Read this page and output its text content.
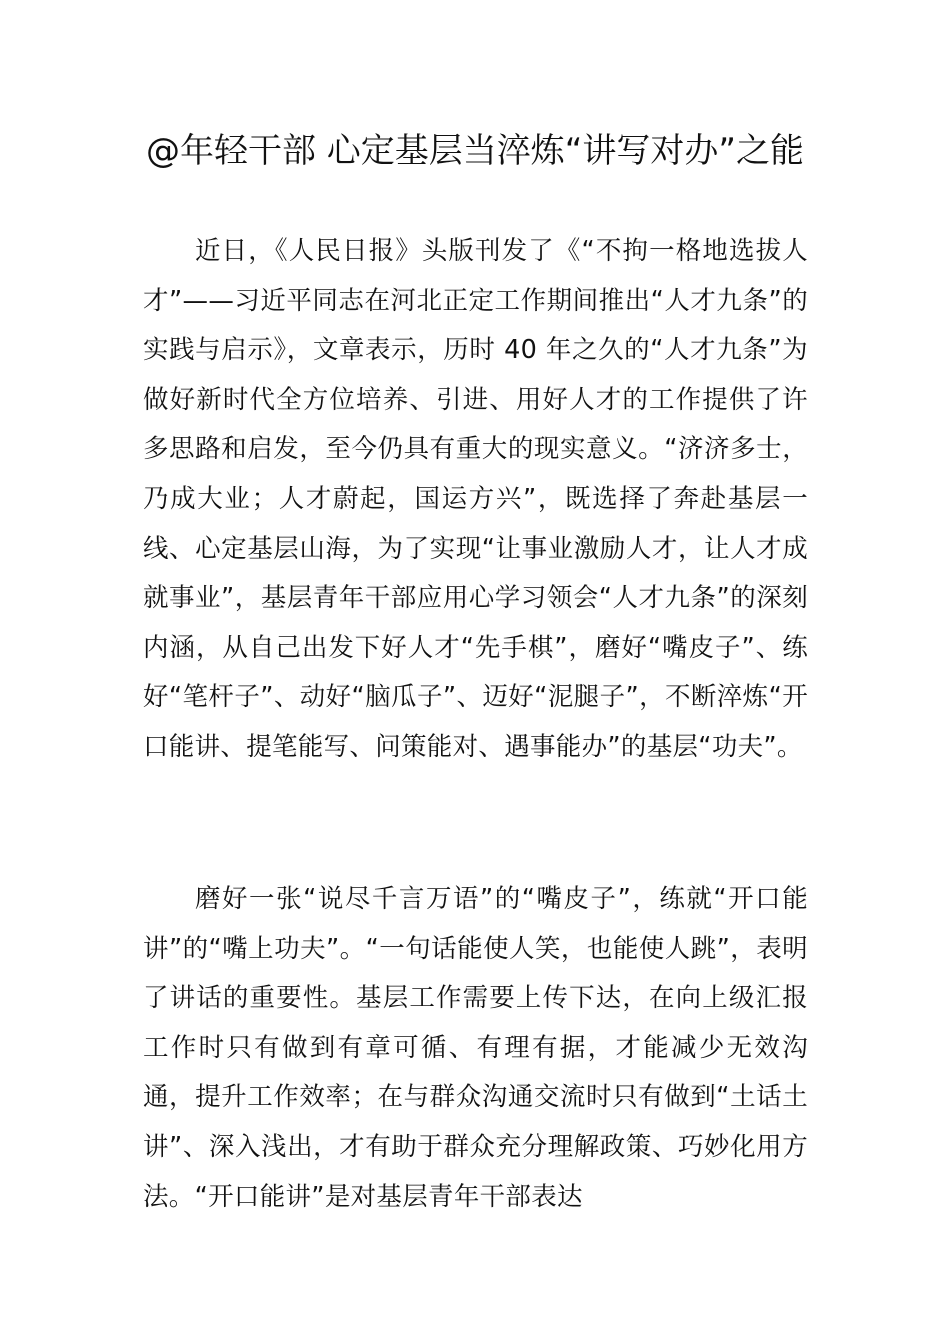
@年轻干部 心定基层当淬炼“讲写对办”之能

近日，《人民日报》头版刊发了《“不拘一格地选拔人才”——习近平同志在河北正定工作期间推出“人才九条”的实践与启示》，文章表示，历时 40 年之久的“人才九条”为做好新时代全方位培养、引进、用好人才的工作提供了许多思路和启发，至今仍具有重大的现实意义。“济济多士，乃成大业；人才蔚起，国运方兴”，既选择了奔赴基层一线、心定基层山海，为了实现“让事业激励人才，让人才成就事业”，基层青年干部应用心学习领会“人才九条”的深刻内涵，从自己出发下好人才“先手棋”，磨好“嘴皮子”、练好“笔杆子”、动好“脑瓜子”、迈好“泥腿子”，不断淬炼“开口能讲、提笔能写、问策能对、遇事能办”的基层“功夫”。

磨好一张“说尽千言万语”的“嘴皮子”，练就“开口能讲”的“嘴上功夫”。“一句话能使人笑，也能使人跳”，表明了讲话的重要性。基层工作需要上传下达，在向上级汇报工作时只有做到有章可循、有理有据，才能减少无效沟通，提升工作效率；在与群众沟通交流时只有做到“土话土讲”、深入浅出，才有助于群众充分理解政策、巧妙化用方法。“开口能讲”是对基层青年干部表达
